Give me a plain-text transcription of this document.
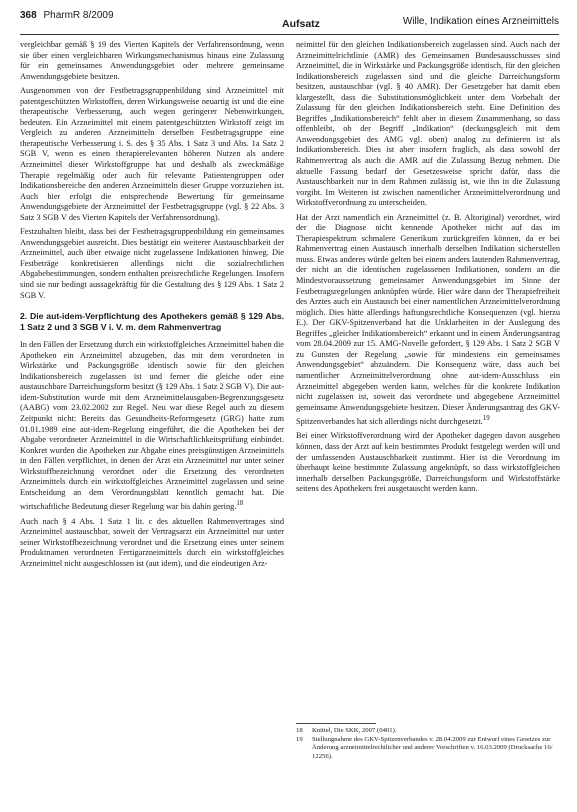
368 PharmR 8/2009
Aufsatz	Wille, Indikation eines Arzneimittels

vergleichbar gemäß § 19 des Vierten Kapitels der Verfahrensordnung, wenn sie über einen vergleichbaren Wirkungsmechanismus hinaus eine Zulassung für ein gemeinsames Anwendungsgebiet oder mehrere gemeinsame Anwendungsgebiete besitzen.

Ausgenommen von der Festbetragsgruppenbildung sind Arzneimittel mit patentgeschützten Wirkstoffen, deren Wirkungsweise neuartig ist und die eine therapeutische Verbesserung, auch wegen geringerer Nebenwirkungen, bedeuten. Ein Arzneimittel mit einem patentgeschützten Wirkstoff zeigt im Vergleich zu anderen Arzneimitteln derselben Festbetragsgruppe eine therapeutische Verbesserung i. S. des § 35 Abs. 1 Satz 3 und Abs. 1a Satz 2 SGB V, wenn es einen therapierelevanten höheren Nutzen als andere Arzneimittel dieser Wirkstoffgruppe hat und deshalb als zweckmäßige Therapie regelmäßig oder auch für relevante Patientengruppen oder Indikationsbereiche den anderen Arzneimitteln dieser Gruppe vorzuziehen ist. Auch hier erfolgt die entsprechende Bewertung für gemeinsame Anwendungsgebiete der Arzneimittel der Festbetragsgruppe (vgl. § 22 Abs. 3 Satz 3 SGB V des Vierten Kapitels der Verfahrensordnung).

Festzuhalten bleibt, dass bei der Festbetragsgruppenbildung ein gemeinsames Anwendungsgebiet ausreicht. Dies bestätigt ein weiterer Austauschbarkeit der Arzneimittel, auch über etwaige nicht zugelassene Indikationen hinweg. Die Festbeträge konkretisieren allerdings nicht die sozialrechtlichen Abgabebestimmungen, sondern enthalten preisrechtliche Regelungen. Insofern sind sie nur bedingt aussagekräftig für die Gestaltung des § 129 Abs. 1 Satz 2 SGB V.

2. Die aut-idem-Verpflichtung des Apothekers gemäß § 129 Abs. 1 Satz 2 und 3 SGB V i. V. m. dem Rahmenvertrag

In den Fällen der Ersetzung durch ein wirkstoffgleiches Arzneimittel haben die Apotheken ein Arzneimittel abzugeben, das mit dem verordneten in Wirkstärke und Packungsgröße identisch sowie für den gleichen Indikationsbereich zugelassen ist und ferner die gleiche oder eine austauschbare Darreichungsform besitzt (§ 129 Abs. 1 Satz 2 SGB V). Die aut-idem-Substitution wurde mit dem Arzneimittelausgaben-Begrenzungsgesetz (AABG) vom 23.02.2002 zur Regel. Neu war diese Regel auch zu diesem Zeitpunkt nicht: Bereits das Gesundheits-Reformgesetz (GRG) hatte zum 01.01.1989 eine aut-idem-Regelung eingeführt, die die Apotheken bei der Abgabe verordneter Arzneimittel in die Wirtschaftlichkeitsprüfung einbindet. Konkret wurden die Apotheken zur Abgabe eines preisgünstigen Arzneimittels in den Fällen verpflichtet, in denen der Arzt ein Arzneimittel nur unter seiner Wirkstoffbezeichnung verordnet oder die Ersetzung des verordneten Arzneimittels durch ein wirkstoffgleiches Arzneimittel zugelassen und seine Entscheidung an dem Verordnungsblatt kenntlich gemacht hat. Die wirtschaftliche Bedeutung dieser Regelung war bis dahin gering.$^{18}$

Auch nach § 4 Abs. 1 Satz 1 lit. c des aktuellen Rahmenvertrages sind Arzneimittel austauschbar, soweit der Vertragsarzt ein Arzneimittel nur unter seiner Wirkstoffbezeichnung verordnet und die Ersetzung eines unter seinem Produktnamen verordneten Fertigarzneimittels durch ein wirkstoffgleiches Arzneimittel nicht ausgeschlossen ist (aut idem), und die eindeutigen Arz-

neimittel für den gleichen Indikationsbereich zugelassen sind. Auch nach der Arzneimittelrichtlinie (AMR) des Gemeinsamen Bundesausschusses sind Arzneimittel, die in Wirkstärke und Packungsgröße identisch, für den gleichen Indikationsbereich zugelassen sind und die gleiche Darreichungsform besitzen, austauschbar (vgl. § 40 AMR). Der Gesetzgeber hat damit eben klargestellt, dass die Substitutionsmöglichkeit unter dem Vorbehalt der Zulassung für den gleichen Indikationsbereich steht. Eine Definition des Begriffes „Indikationsbereich“ fehlt aber in diesem Zusammenhang, so dass offenbleibt, ob der Begriff „Indikation“ (deckungsgleich mit dem Anwendungsgebiet des AMG vgl. oben) analog zu definieren ist als Indikationsbereich. Dies ist aber insofern fraglich, als dass sowohl der Rahmenvertrag als auch die AMR auf die Zulassung Bezug nehmen. Die aktuelle Fassung bedarf der Gesetzesweise spricht dafür, dass die Austauschbarkeit nur in dem Rahmen zulässig ist, wie ihn in die Zulassung vorgibt. Im Weiteren ist zwischen namentlicher Arzneimittelverordnung und Wirkstoffverordnung zu unterscheiden.

Hat der Arzt namentlich ein Arzneimittel (z. B. Altoriginal) verordnet, wird der die Diagnose nicht kennende Apotheker nicht auf das im Therapiespektrum schmalere Generikum zurückgreifen können, da er bei Rahmenvertrag einen Austausch innerhalb derselben Indikation sicherstellen muss. Etwas anderes würde gelten bei einem anders lautenden Rahmenvertrag, der nicht an die identischen zugelassenen Indikationen, sondern an die Mindestvoraussetzung gemeinsamer Anwendungsgebiet im Sinne der Festbetragsregelungen anknüpfen würde. Hier wäre dann der Therapiefreiheit des Arztes auch ein Austausch bei einer namentlichen Arzneimittelverordnung möglich. Dies hätte allerdings haftungsrechtliche Konsequenzen (vgl. hierzu E.). Der GKV-Spitzenverband hat die Unklarheiten in der Auslegung des Begriffes „gleicher Indikationsbereich“ erkannt und in einem Änderungsantrag vom 28.04.2009 zur 15. AMG-Novelle gefordert, § 129 Abs. 1 Satz 2 SGB V zu Gunsten der Regelung „sowie für mindestens ein gemeinsames Anwendungsgebiet“ abzuändern. Die Konsequenz wäre, dass auch bei namentlicher Arzneimittelverordnung ohne aut-idem-Ausschluss ein Arzneimittel abgegeben werden kann, welches für die konkrete Indikation nicht zugelassen ist, soweit das verordnete und abgegebene Arzneimittel gemeinsame Anwendungsgebiete besitzen. Dieser Änderungsantrag des GKV-Spitzenverbandes hat sich allerdings nicht durchgesetzt.$^{19}$

Bei einer Wirkstoffverordnung wird der Apotheker dagegen davon ausgehen können, dass der Arzt auf kein bestimmtes Produkt festgelegt werden will und der umfassenden Austauschbarkeit zustimmt. Hier ist die Verordnung im überhaupt keine bestimmte Zulassung angeknüpft, so dass wirkstoffgleichen innerhalb derselben Packungsgröße, Darreichungsform und Wirkstoffstärke seitens des Apothekers frei ausgetauscht werden kann.

18	Knittel, Die SKK, 2007 (0401).
19	Stellungnahme des GKV-Spitzenverbandes v. 28.04.2009 zur Entwurf eines Gesetzes zur Änderung arzneimittelrechtlicher und anderer Vorschriften v. 16.03.2009 (Drucksache 16/ 12256).
